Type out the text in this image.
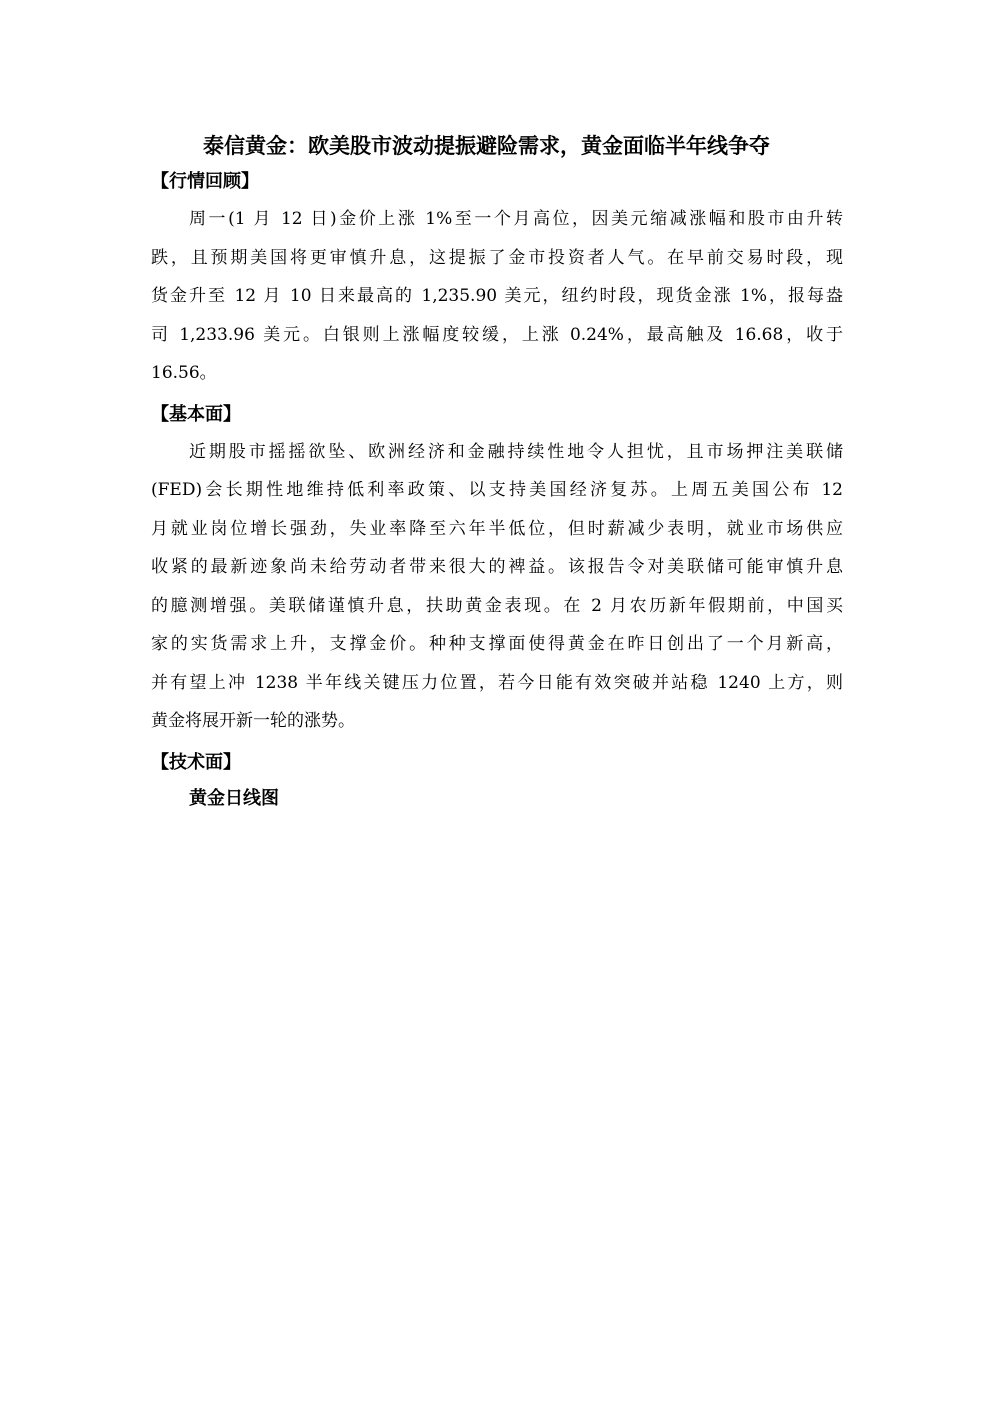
泰信黄金：欧美股市波动提振避险需求，黄金面临半年线争夺
【行情回顾】
周一(1 月 12 日)金价上涨 1%至一个月高位，因美元缩减涨幅和股市由升转
跌，且预期美国将更审慎升息，这提振了金市投资者人气。在早前交易时段，现
货金升至 12 月 10 日来最高的 1,235.90 美元，纽约时段，现货金涨 1%，报每盎
司 1,233.96 美元。白银则上涨幅度较缓，上涨 0.24%，最高触及 16.68，收于
16.56。
【基本面】
近期股市摇摇欲坠、欧洲经济和金融持续性地令人担忧，且市场押注美联储
(FED)会长期性地维持低利率政策、以支持美国经济复苏。上周五美国公布 12
月就业岗位增长强劲，失业率降至六年半低位，但时薪减少表明，就业市场供应
收紧的最新迹象尚未给劳动者带来很大的裨益。该报告令对美联储可能审慎升息
的臆测增强。美联储谨慎升息，扶助黄金表现。在 2 月农历新年假期前，中国买
家的实货需求上升，支撑金价。种种支撑面使得黄金在昨日创出了一个月新高，
并有望上冲 1238 半年线关键压力位置，若今日能有效突破并站稳 1240 上方，则
黄金将展开新一轮的涨势。
【技术面】
黄金日线图
